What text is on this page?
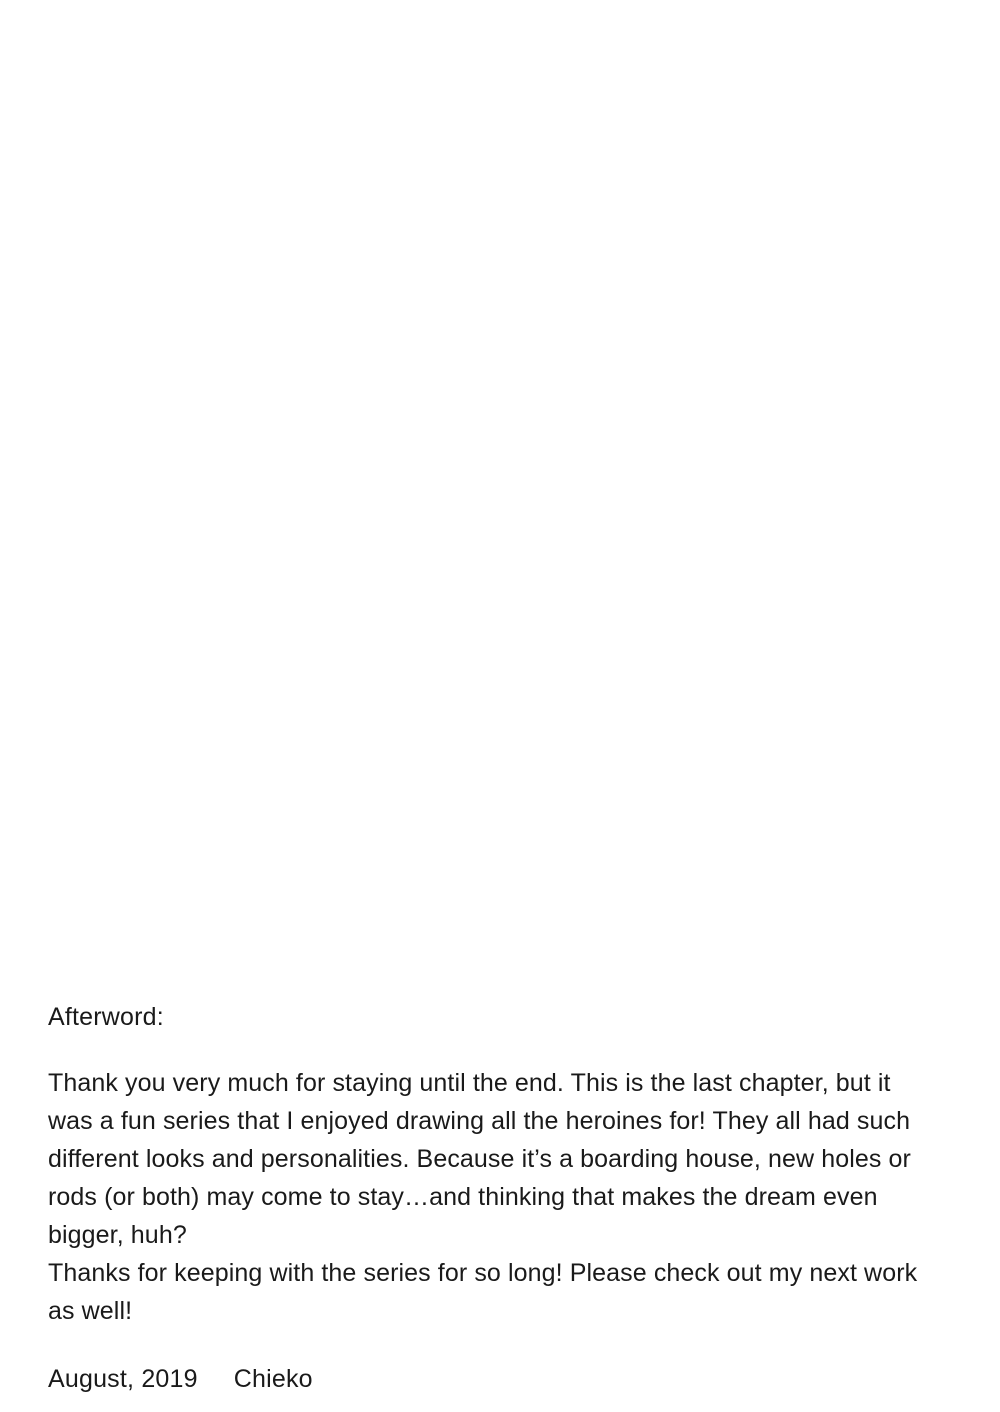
Afterword:

Thank you very much for staying until the end. This is the last chapter, but it was a fun series that I enjoyed drawing all the heroines for! They all had such different looks and personalities. Because it’s a boarding house, new holes or rods (or both) may come to stay…and thinking that makes the dream even bigger, huh?

Thanks for keeping with the series for so long! Please check out my next work as well!

August, 2019 Chieko
